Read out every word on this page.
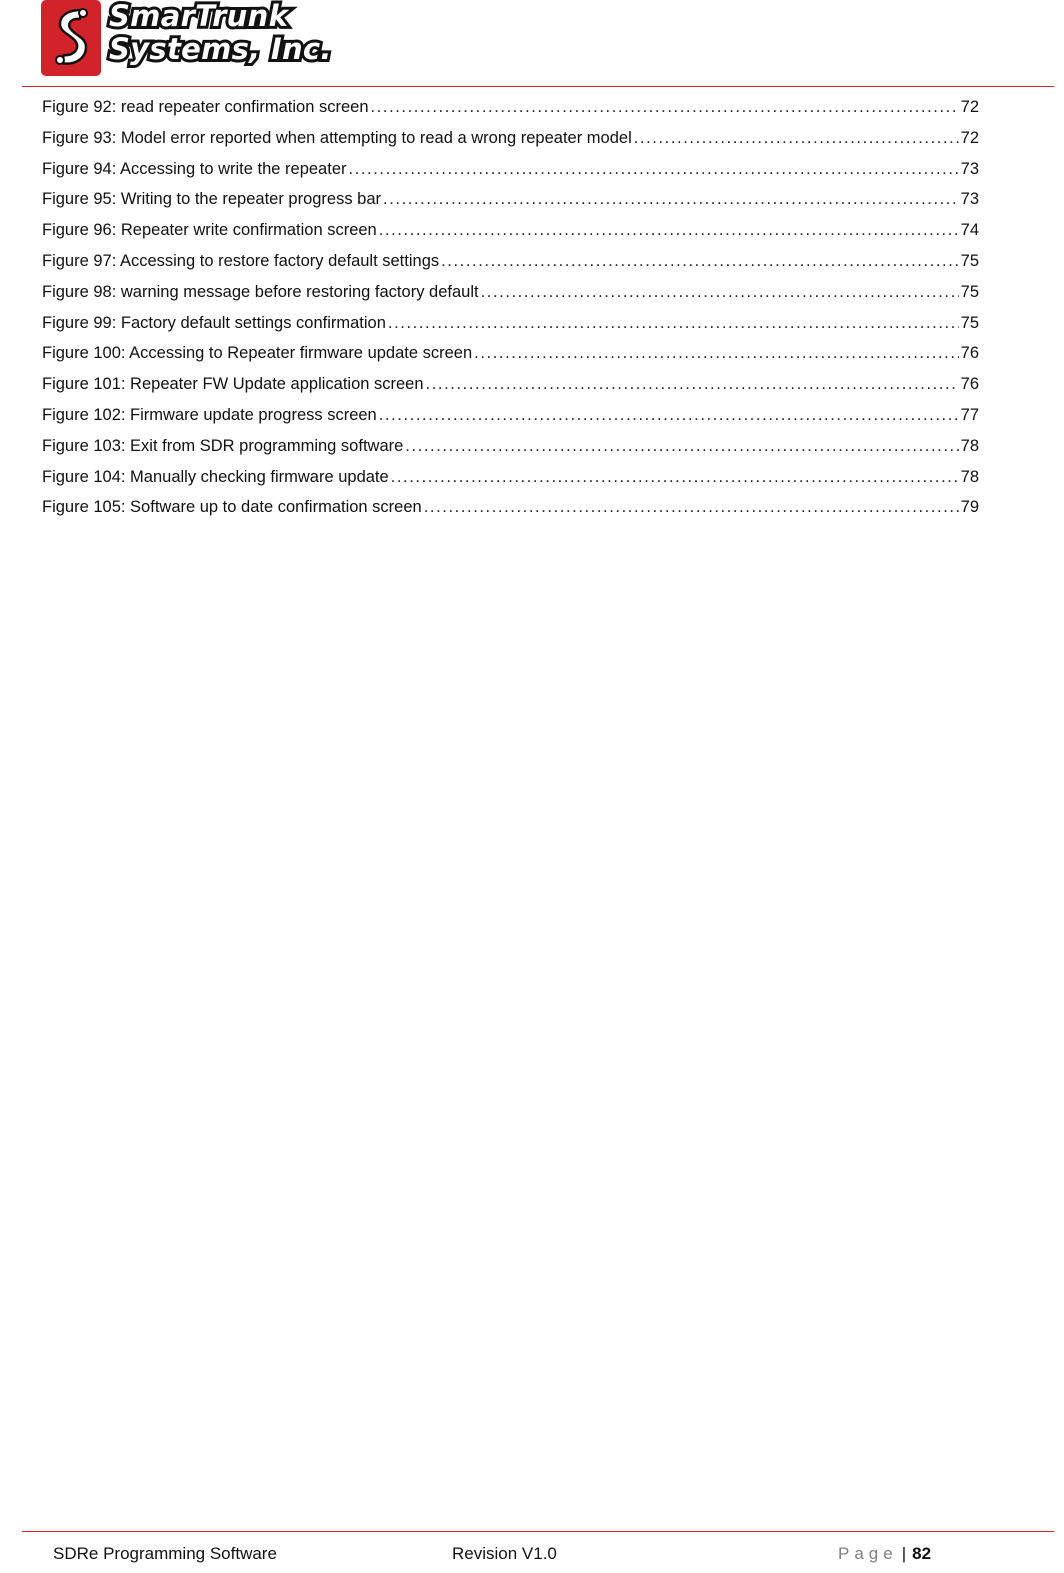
SmarTrunk
Systems, Inc.
Figure 92: read repeater confirmation screen .....	72
Figure 93: Model error reported when attempting to read a wrong repeater model .....	72
Figure 94: Accessing to write the repeater .....	73
Figure 95: Writing to the repeater progress bar .....	73
Figure 96: Repeater write confirmation screen .....	74
Figure 97: Accessing to restore factory default settings .....	75
Figure 98: warning message before restoring factory default .....	75
Figure 99: Factory default settings confirmation .....	75
Figure 100: Accessing to Repeater firmware update screen .....	76
Figure 101: Repeater FW Update application screen .....	76
Figure 102: Firmware update progress screen .....	77
Figure 103: Exit from SDR programming software .....	78
Figure 104: Manually checking firmware update .....	78
Figure 105: Software up to date confirmation screen .....	79
SDRe Programming Software	Revision V1.0	Page | 82
